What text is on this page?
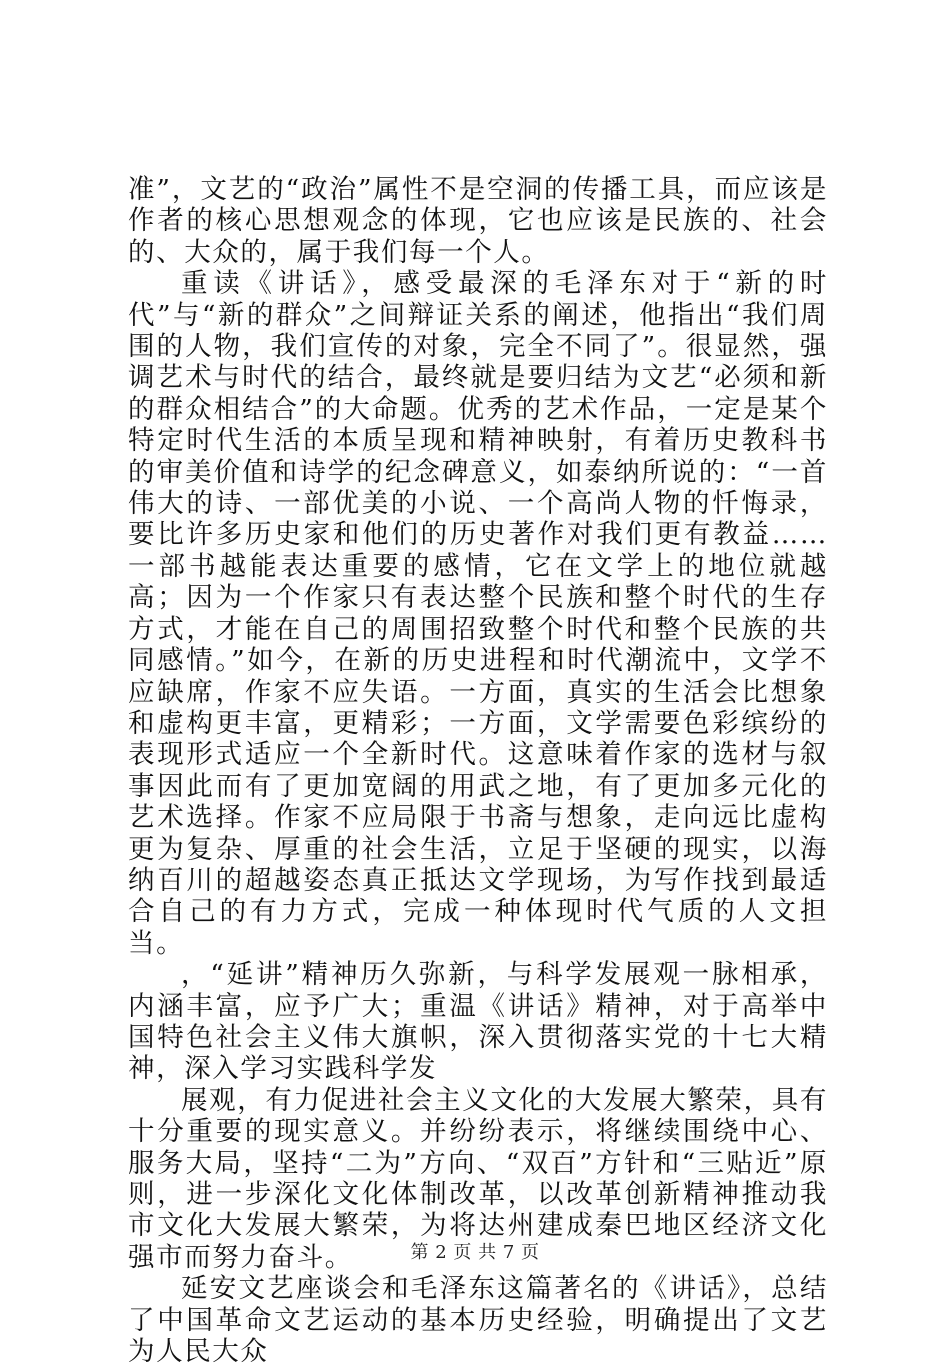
准”，文艺的“政治”属性不是空洞的传播工具，而应该是作者的核心思想观念的体现，它也应该是民族的、社会的、大众的，属于我们每一个人。

重读《讲话》，感受最深的毛泽东对于“新的时代”与“新的群众”之间辩证关系的阐述，他指出“我们周围的人物，我们宣传的对象，完全不同了”。很显然，强调艺术与时代的结合，最终就是要归结为文艺“必须和新的群众相结合”的大命题。优秀的艺术作品，一定是某个特定时代生活的本质呈现和精神映射，有着历史教科书的审美价值和诗学的纪念碑意义，如泰纳所说的：“一首伟大的诗、一部优美的小说、一个高尚人物的忏悔录，要比许多历史家和他们的历史著作对我们更有教益……一部书越能表达重要的感情，它在文学上的地位就越高；因为一个作家只有表达整个民族和整个时代的生存方式，才能在自己的周围招致整个时代和整个民族的共同感情。”如今，在新的历史进程和时代潮流中，文学不应缺席，作家不应失语。一方面，真实的生活会比想象和虚构更丰富，更精彩；一方面，文学需要色彩缤纷的表现形式适应一个全新时代。这意味着作家的选材与叙事因此而有了更加宽阔的用武之地，有了更加多元化的艺术选择。作家不应局限于书斋与想象，走向远比虚构更为复杂、厚重的社会生活，立足于坚硬的现实，以海纳百川的超越姿态真正抵达文学现场，为写作找到最适合自己的有力方式，完成一种体现时代气质的人文担当。

，“延讲”精神历久弥新，与科学发展观一脉相承，内涵丰富，应予广大；重温《讲话》精神，对于高举中国特色社会主义伟大旗帜，深入贯彻落实党的十七大精神，深入学习实践科学发

展观，有力促进社会主义文化的大发展大繁荣，具有十分重要的现实意义。并纷纷表示，将继续围绕中心、服务大局，坚持“二为”方向、“双百”方针和“三贴近”原则，进一步深化文化体制改革，以改革创新精神推动我市文化大发展大繁荣，为将达州建成秦巴地区经济文化强市而努力奋斗。

延安文艺座谈会和毛泽东这篇著名的《讲话》，总结了中国革命文艺运动的基本历史经验，明确提出了文艺为人民大众

第 2 页 共 7 页
